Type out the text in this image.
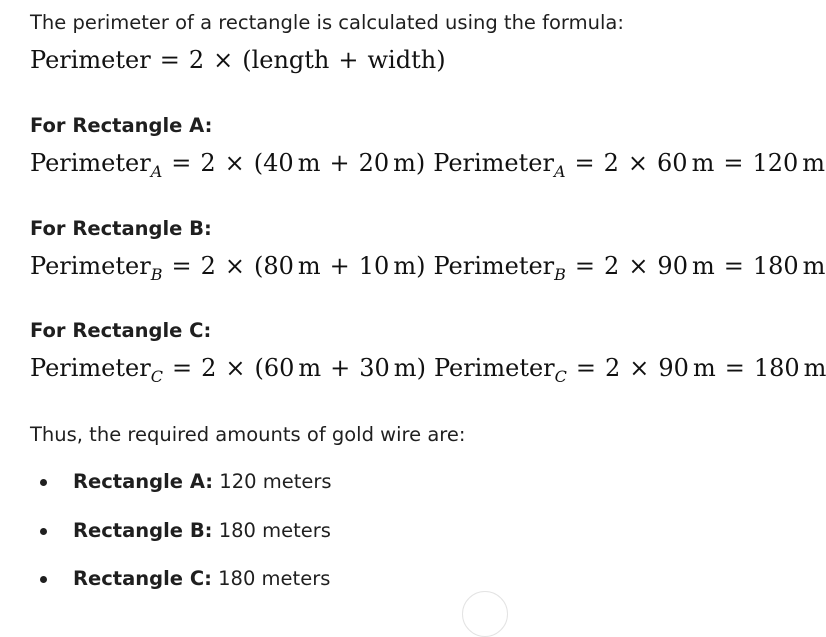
The perimeter of a rectangle is calculated using the formula:
Perimeter = 2 × (length + width)
For Rectangle A:
Perimeter$_A$ = 2 × (40 m + 20 m) Perimeter$_A$ = 2 × 60 m = 120 m
For Rectangle B:
Perimeter$_B$ = 2 × (80 m + 10 m) Perimeter$_B$ = 2 × 90 m = 180 m
For Rectangle C:
Perimeter$_C$ = 2 × (60 m + 30 m) Perimeter$_C$ = 2 × 90 m = 180 m
Thus, the required amounts of gold wire are:
Rectangle A: 120 meters
Rectangle B: 180 meters
Rectangle C: 180 meters
